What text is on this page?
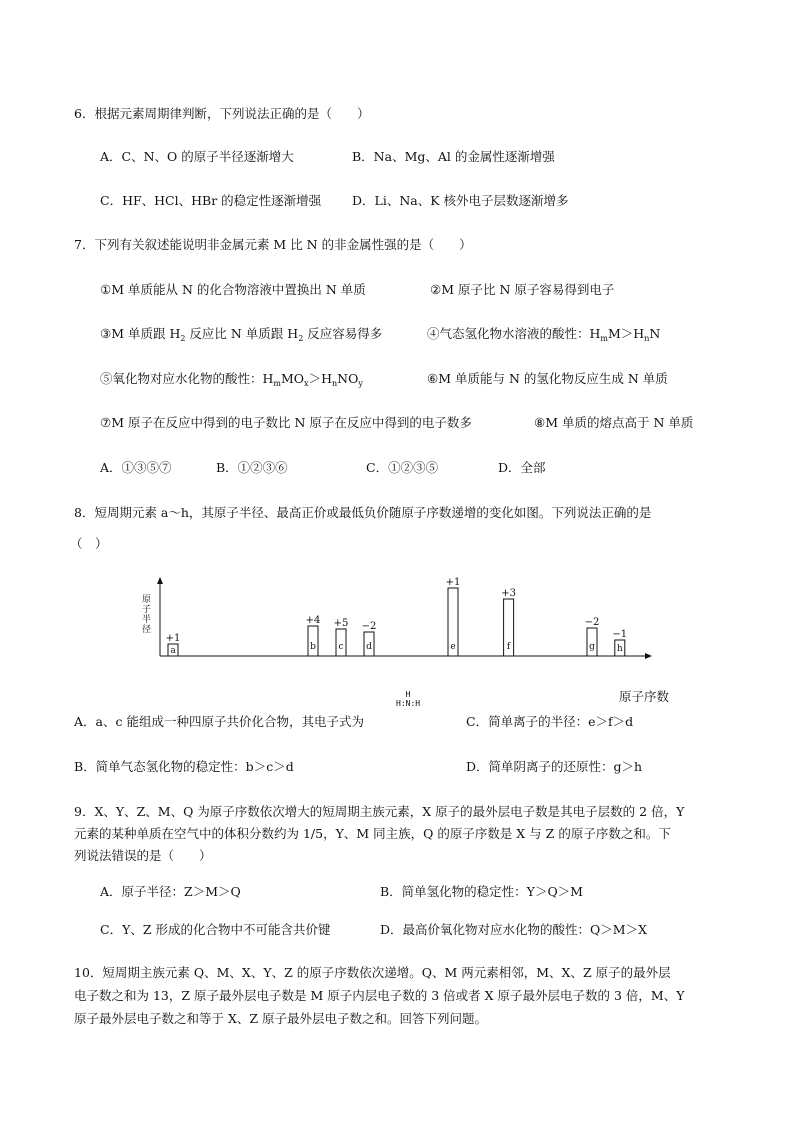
6．根据元素周期律判断，下列说法正确的是（　　）
A．C、N、O 的原子半径逐渐增大	B．Na、Mg、Al 的金属性逐渐增强
C．HF、HCl、HBr 的稳定性逐渐增强 D．Li、Na、K 核外电子层数逐渐增多
7．下列有关叙述能说明非金属元素 M 比 N 的非金属性强的是（　　）
①M 单质能从 N 的化合物溶液中置换出 N 单质	②M 原子比 N 原子容易得到电子
③M 单质跟 $H_2$ 反应比 N 单质跟 $H_2$ 反应容易得多	④气态氢化物水溶液的酸性：$H_mM>H_nN$
⑤氧化物对应水化物的酸性：$H_mMO_x>H_nNO_y$	⑥M 单质能与 N 的氢化物反应生成 N 单质
⑦M 原子在反应中得到的电子数比 N 原子在反应中得到的电子数多	⑧M 单质的熔点高于 N 单质
A．①③⑤⑦	B．①②③⑥	C．①②③⑤	D．全部
8．短周期元素 a～h，其原子半径、最高正价或最低负价随原子序数递增的变化如图。下列说法正确的是
（　）
原
子
半
径
a
+1
b
+4
c
+5
d
−2
e
+1
f
+3
g
−2
h
−1
原子序数
H
H:N:H
A．a、c 能组成一种四原子共价化合物，其电子式为	C．简单离子的半径：e＞f＞d
B．简单气态氢化物的稳定性：b＞c＞d	D．简单阴离子的还原性：g＞h
9．X、Y、Z、M、Q 为原子序数依次增大的短周期主族元素，X 原子的最外层电子数是其电子层数的 2 倍，Y
元素的某种单质在空气中的体积分数约为 1/5，Y、M 同主族，Q 的原子序数是 X 与 Z 的原子序数之和。下
列说法错误的是（　　）
A．原子半径：Z＞M＞Q	B．简单氢化物的稳定性：Y＞Q＞M
C．Y、Z 形成的化合物中不可能含共价键	D．最高价氧化物对应水化物的酸性：Q＞M＞X
10．短周期主族元素 Q、M、X、Y、Z 的原子序数依次递增。Q、M 两元素相邻，M、X、Z 原子的最外层
电子数之和为 13，Z 原子最外层电子数是 M 原子内层电子数的 3 倍或者 X 原子最外层电子数的 3 倍，M、Y
原子最外层电子数之和等于 X、Z 原子最外层电子数之和。回答下列问题。
